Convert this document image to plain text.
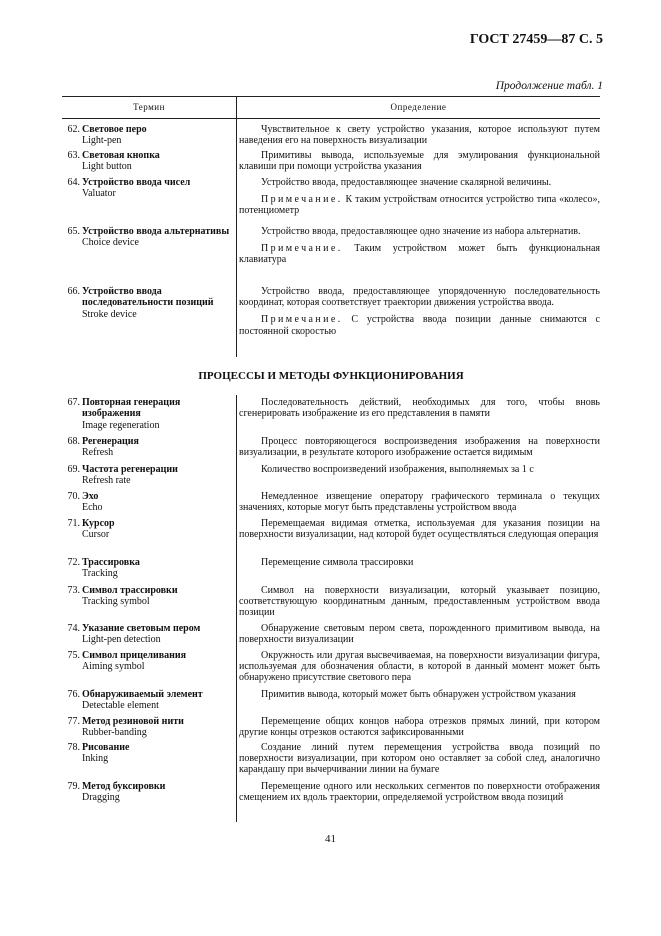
ГОСТ 27459—87 С. 5
Продолжение табл. 1
Термин	Определение
62. Световое перо
Light-pen

Чувствительное к свету устройство указания, которое используют путем наведения его на поверхность визуализации

63. Световая кнопка
Light button

Примитивы вывода, используемые для эмулирования функциональной клавиши при помощи устройства указания

64. Устройство ввода чисел
Valuator

Устройство ввода, предоставляющее значение скалярной величины.

Примечание. К таким устройствам относится устройство типа «колесо», потенциометр

65. Устройство ввода альтернативы
Choice device

Устройство ввода, предоставляющее одно значение из набора альтернатив.

Примечание. Таким устройством может быть функциональная клавиатура

66. Устройство ввода последовательности позиций
Stroke device

Устройство ввода, предоставляющее упорядоченную последовательность координат, которая соответствует траектории движения устройства ввода.

Примечание. С устройства ввода позиции данные снимаются с постоянной скоростью

ПРОЦЕССЫ И МЕТОДЫ ФУНКЦИОНИРОВАНИЯ
67. Повторная генерация изображения
Image regeneration

Последовательность действий, необходимых для того, чтобы вновь сгенерировать изображение из его представления в памяти

68. Регенерация
Refresh

Процесс повторяющегося воспроизведения изображения на поверхности визуализации, в результате которого изображение остается видимым

69. Частота регенерации
Refresh rate

Количество воспроизведений изображения, выполняемых за 1 с

70. Эхо
Echo

Немедленное извещение оператору графического терминала о текущих значениях, которые могут быть представлены устройством ввода

71. Курсор
Cursor

Перемещаемая видимая отметка, используемая для указания позиции на поверхности визуализации, над которой будет осуществляться следующая операция

72. Трассировка
Tracking

Перемещение символа трассировки

73. Символ трассировки
Tracking symbol

Символ на поверхности визуализации, который указывает позицию, соответствующую координатным данным, предоставленным устройством ввода позиции

74. Указание световым пером
Light-pen detection

Обнаружение световым пером света, порожденного примитивом вывода, на поверхности визуализации

75. Символ прицеливания
Aiming symbol

Окружность или другая высвечиваемая, на поверхности визуализации фигура, используемая для обозначения области, в которой в данный момент может быть обнаружено присутствие светового пера

76. Обнаруживаемый элемент
Detectable element

Примитив вывода, который может быть обнаружен устройством указания

77. Метод резиновой нити
Rubber-banding

Перемещение общих концов набора отрезков прямых линий, при котором другие концы отрезков остаются зафиксированными

78. Рисование
Inking

Создание линий путем перемещения устройства ввода позиций по поверхности визуализации, при котором оно оставляет за собой след, аналогично карандашу при вычерчивании линии на бумаге

79. Метод буксировки
Dragging

Перемещение одного или нескольких сегментов по поверхности отображения смещением их вдоль траектории, определяемой устройством ввода позиций

41
